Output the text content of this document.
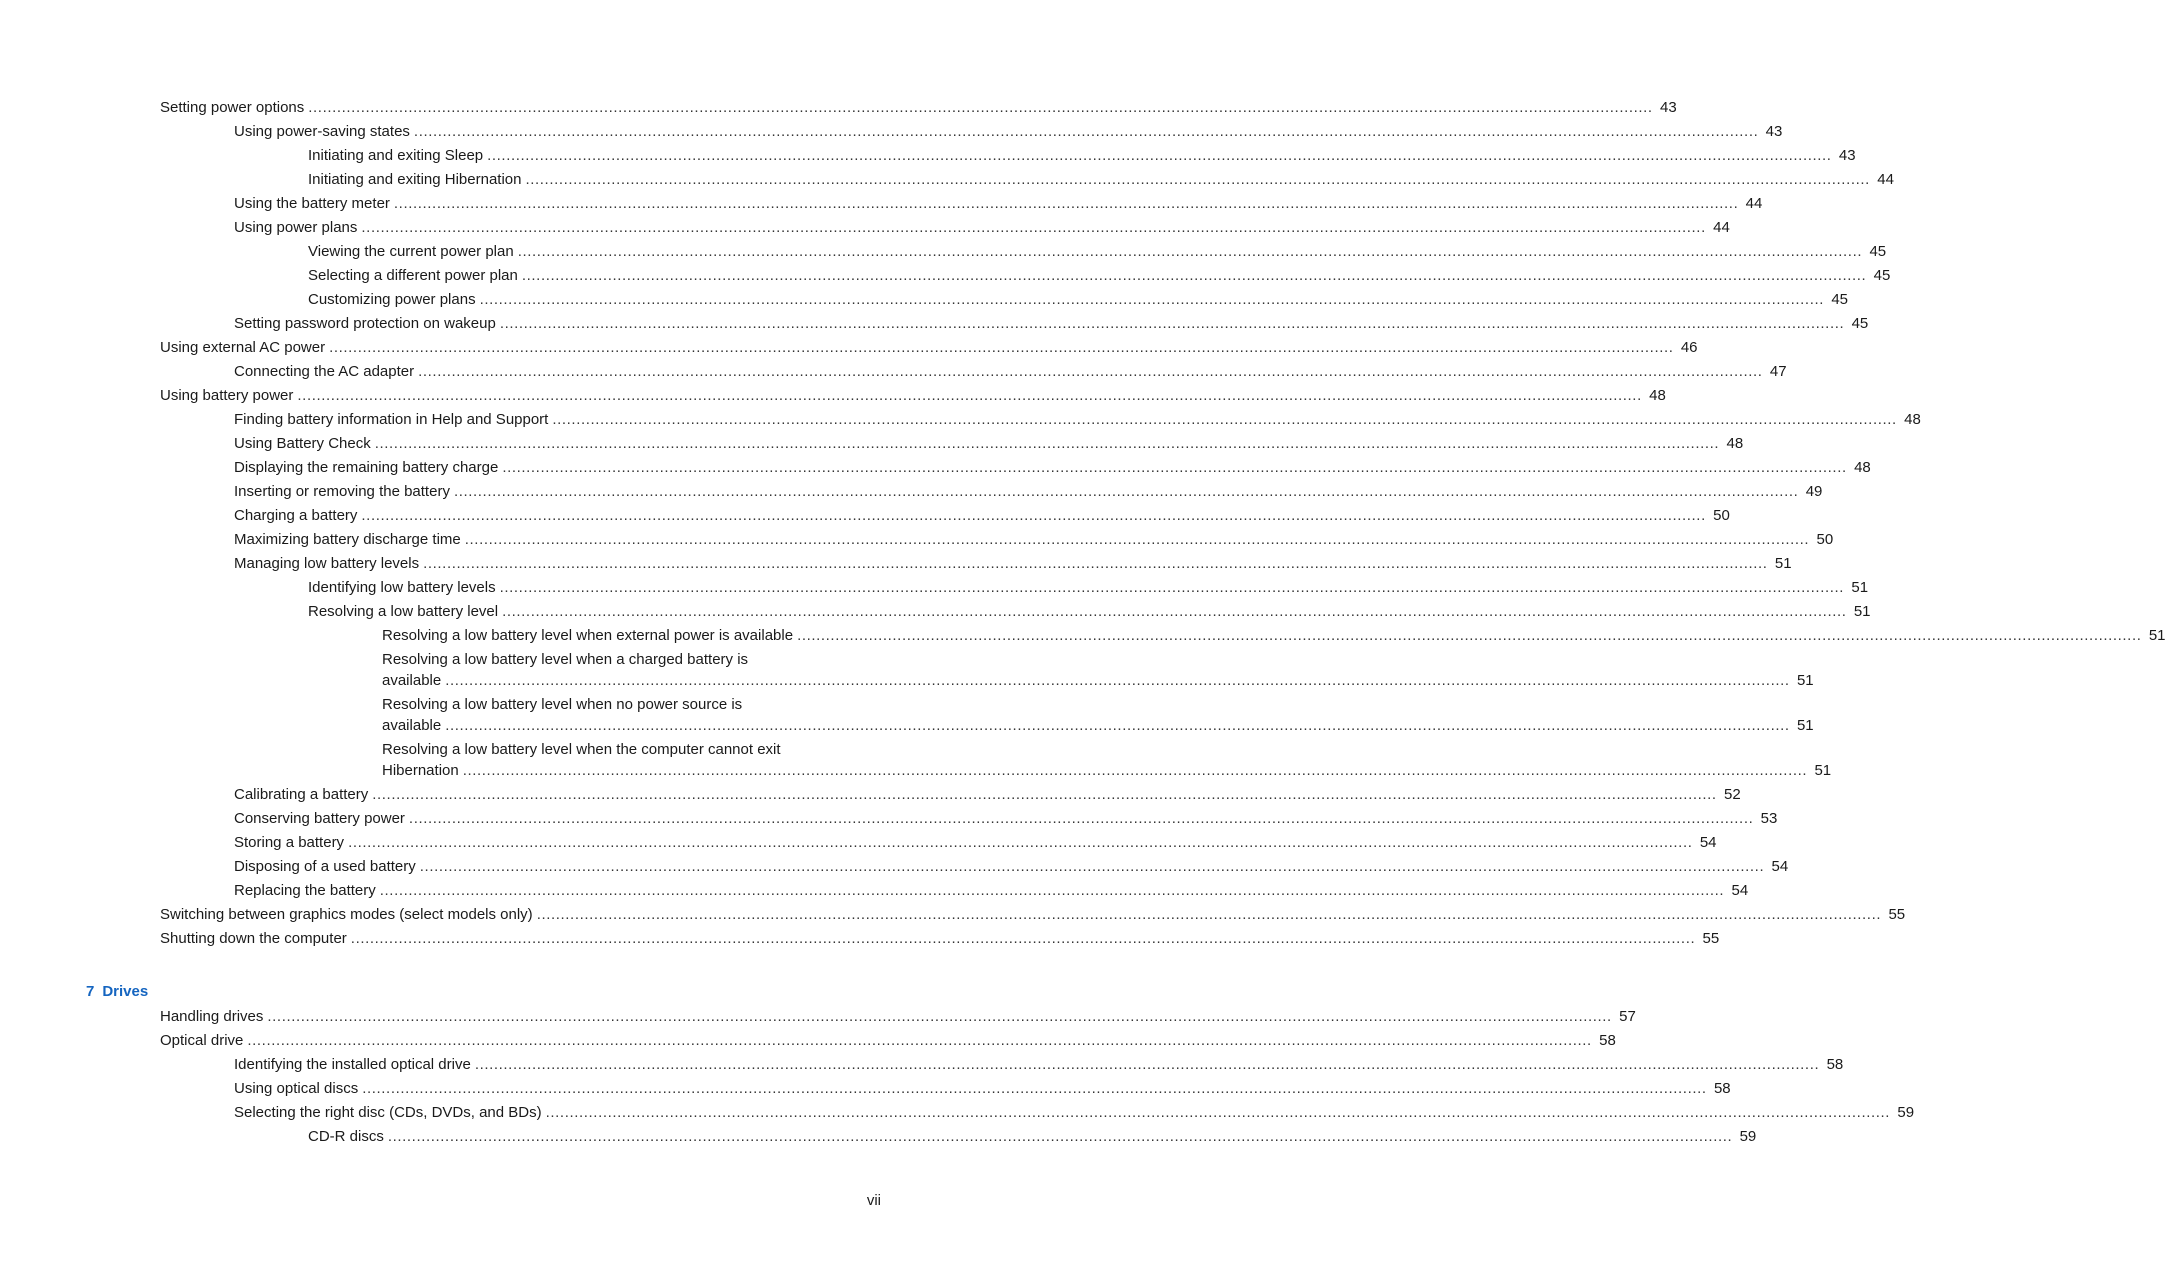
Setting power options .......................................................................................................................................................................................................................................................................................... 43
Using power-saving states .......................................................................................................................................................................................................................................................................................... 43
Initiating and exiting Sleep .......................................................................................................................................................................................................................................................................................... 43
Initiating and exiting Hibernation .......................................................................................................................................................................................................................................................................................... 44
Using the battery meter .......................................................................................................................................................................................................................................................................................... 44
Using power plans .......................................................................................................................................................................................................................................................................................... 44
Viewing the current power plan .......................................................................................................................................................................................................................................................................................... 45
Selecting a different power plan .......................................................................................................................................................................................................................................................................................... 45
Customizing power plans .......................................................................................................................................................................................................................................................................................... 45
Setting password protection on wakeup .......................................................................................................................................................................................................................................................................................... 45
Using external AC power .......................................................................................................................................................................................................................................................................................... 46
Connecting the AC adapter .......................................................................................................................................................................................................................................................................................... 47
Using battery power .......................................................................................................................................................................................................................................................................................... 48
Finding battery information in Help and Support .......................................................................................................................................................................................................................................................................................... 48
Using Battery Check .......................................................................................................................................................................................................................................................................................... 48
Displaying the remaining battery charge .......................................................................................................................................................................................................................................................................................... 48
Inserting or removing the battery .......................................................................................................................................................................................................................................................................................... 49
Charging a battery .......................................................................................................................................................................................................................................................................................... 50
Maximizing battery discharge time .......................................................................................................................................................................................................................................................................................... 50
Managing low battery levels .......................................................................................................................................................................................................................................................................................... 51
Identifying low battery levels .......................................................................................................................................................................................................................................................................................... 51
Resolving a low battery level .......................................................................................................................................................................................................................................................................................... 51
Resolving a low battery level when external power is available .......................................................................................................................................................................................................................................................................................... 51
Resolving a low battery level when a charged battery is
available .......................................................................................................................................................................................................................................................................................... 51
Resolving a low battery level when no power source is
available .......................................................................................................................................................................................................................................................................................... 51
Resolving a low battery level when the computer cannot exit
Hibernation .......................................................................................................................................................................................................................................................................................... 51
Calibrating a battery .......................................................................................................................................................................................................................................................................................... 52
Conserving battery power .......................................................................................................................................................................................................................................................................................... 53
Storing a battery .......................................................................................................................................................................................................................................................................................... 54
Disposing of a used battery .......................................................................................................................................................................................................................................................................................... 54
Replacing the battery .......................................................................................................................................................................................................................................................................................... 54
Switching between graphics modes (select models only) .......................................................................................................................................................................................................................................................................................... 55
Shutting down the computer .......................................................................................................................................................................................................................................................................................... 55
7 Drives
Handling drives .......................................................................................................................................................................................................................................................................................... 57
Optical drive .......................................................................................................................................................................................................................................................................................... 58
Identifying the installed optical drive .......................................................................................................................................................................................................................................................................................... 58
Using optical discs .......................................................................................................................................................................................................................................................................................... 58
Selecting the right disc (CDs, DVDs, and BDs) .......................................................................................................................................................................................................................................................................................... 59
CD-R discs .......................................................................................................................................................................................................................................................................................... 59
vii
